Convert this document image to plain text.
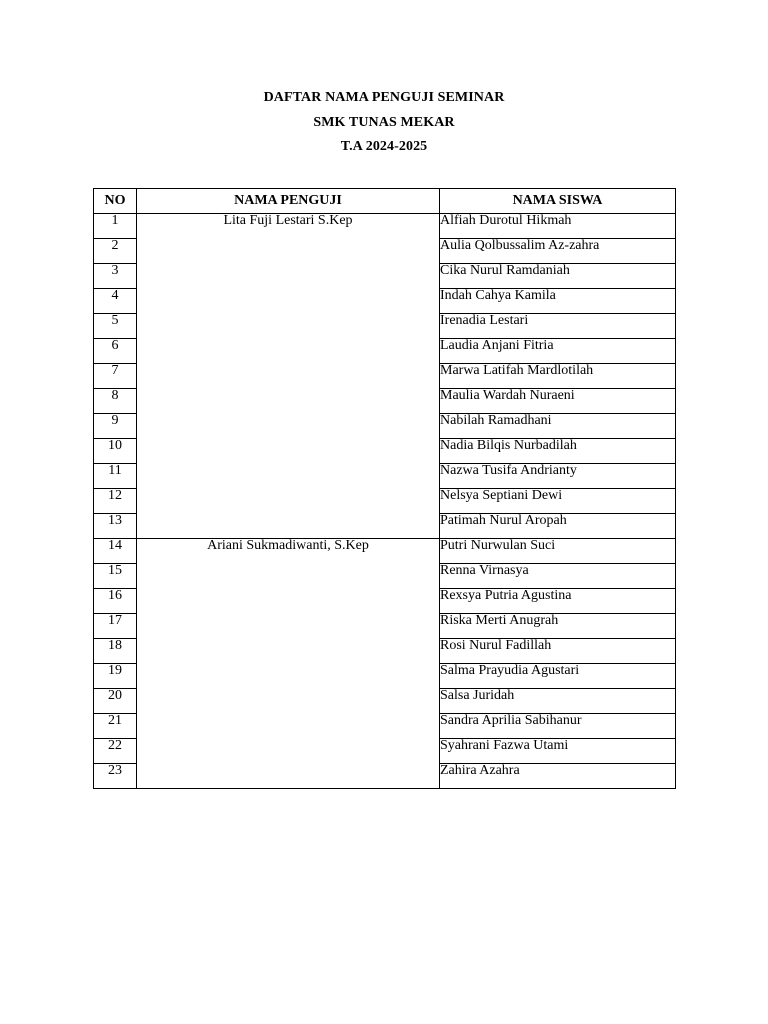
DAFTAR NAMA PENGUJI SEMINAR
SMK TUNAS MEKAR
T.A 2024-2025
NO	NAMA PENGUJI	NAMA SISWA
1	Lita Fuji Lestari S.Kep	Alfiah Durotul Hikmah
2		Aulia Qolbussalim Az-zahra
3		Cika Nurul Ramdaniah
4		Indah Cahya Kamila
5		Irenadia Lestari
6		Laudia Anjani Fitria
7		Marwa Latifah Mardlotilah
8		Maulia Wardah Nuraeni
9		Nabilah Ramadhani
10		Nadia Bilqis Nurbadilah
11		Nazwa Tusifa Andrianty
12		Nelsya Septiani Dewi
13		Patimah Nurul Aropah
14	Ariani Sukmadiwanti, S.Kep	Putri Nurwulan Suci
15		Renna Virnasya
16		Rexsya Putria Agustina
17		Riska Merti Anugrah
18		Rosi Nurul Fadillah
19		Salma Prayudia Agustari
20		Salsa Juridah
21		Sandra Aprilia Sabihanur
22		Syahrani Fazwa Utami
23		Zahira Azahra
